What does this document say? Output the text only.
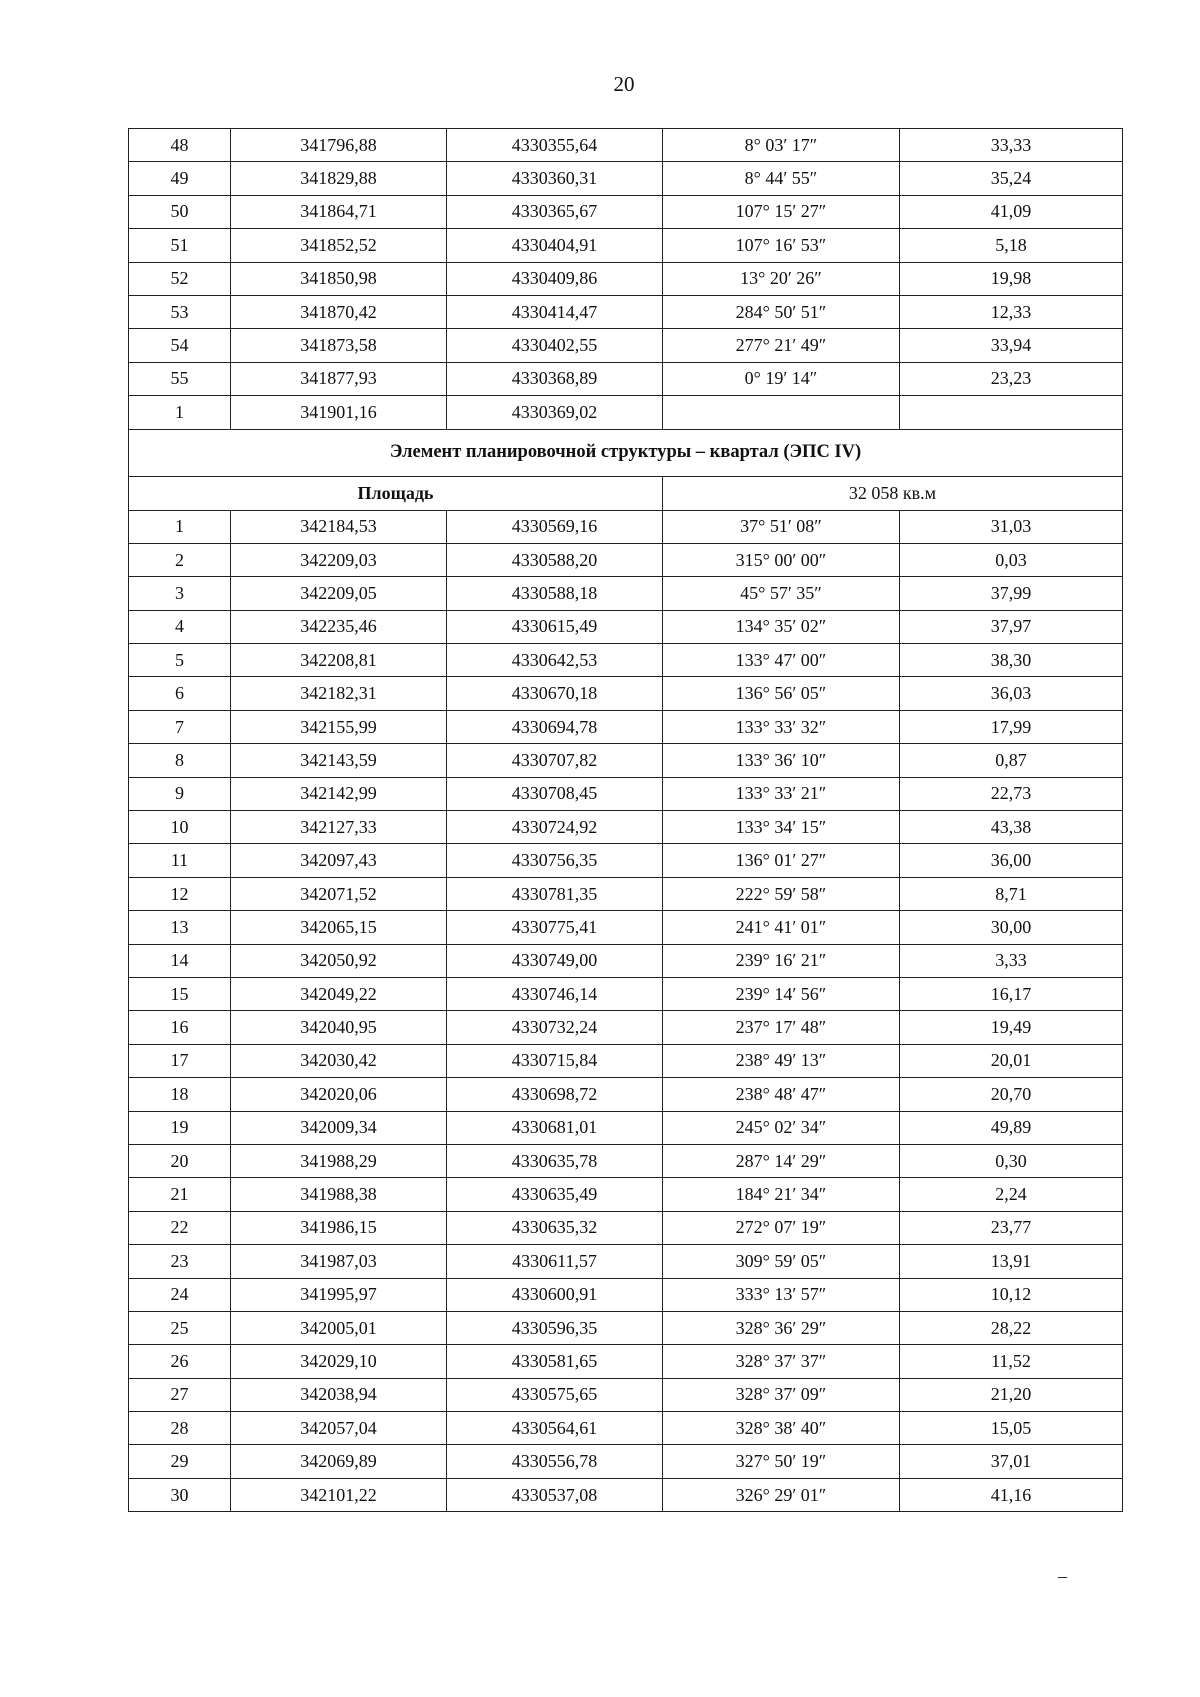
20
48	341796,88	4330355,64	8° 03′ 17″	33,33
49	341829,88	4330360,31	8° 44′ 55″	35,24
50	341864,71	4330365,67	107° 15′ 27″	41,09
51	341852,52	4330404,91	107° 16′ 53″	5,18
52	341850,98	4330409,86	13° 20′ 26″	19,98
53	341870,42	4330414,47	284° 50′ 51″	12,33
54	341873,58	4330402,55	277° 21′ 49″	33,94
55	341877,93	4330368,89	0° 19′ 14″	23,23
1	341901,16	4330369,02		
Элемент планировочной структуры – квартал (ЭПС IV)				
Площадь			32 058 кв.м	
1	342184,53	4330569,16	37° 51′ 08″	31,03
2	342209,03	4330588,20	315° 00′ 00″	0,03
3	342209,05	4330588,18	45° 57′ 35″	37,99
4	342235,46	4330615,49	134° 35′ 02″	37,97
5	342208,81	4330642,53	133° 47′ 00″	38,30
6	342182,31	4330670,18	136° 56′ 05″	36,03
7	342155,99	4330694,78	133° 33′ 32″	17,99
8	342143,59	4330707,82	133° 36′ 10″	0,87
9	342142,99	4330708,45	133° 33′ 21″	22,73
10	342127,33	4330724,92	133° 34′ 15″	43,38
11	342097,43	4330756,35	136° 01′ 27″	36,00
12	342071,52	4330781,35	222° 59′ 58″	8,71
13	342065,15	4330775,41	241° 41′ 01″	30,00
14	342050,92	4330749,00	239° 16′ 21″	3,33
15	342049,22	4330746,14	239° 14′ 56″	16,17
16	342040,95	4330732,24	237° 17′ 48″	19,49
17	342030,42	4330715,84	238° 49′ 13″	20,01
18	342020,06	4330698,72	238° 48′ 47″	20,70
19	342009,34	4330681,01	245° 02′ 34″	49,89
20	341988,29	4330635,78	287° 14′ 29″	0,30
21	341988,38	4330635,49	184° 21′ 34″	2,24
22	341986,15	4330635,32	272° 07′ 19″	23,77
23	341987,03	4330611,57	309° 59′ 05″	13,91
24	341995,97	4330600,91	333° 13′ 57″	10,12
25	342005,01	4330596,35	328° 36′ 29″	28,22
26	342029,10	4330581,65	328° 37′ 37″	11,52
27	342038,94	4330575,65	328° 37′ 09″	21,20
28	342057,04	4330564,61	328° 38′ 40″	15,05
29	342069,89	4330556,78	327° 50′ 19″	37,01
30	342101,22	4330537,08	326° 29′ 01″	41,16
–
